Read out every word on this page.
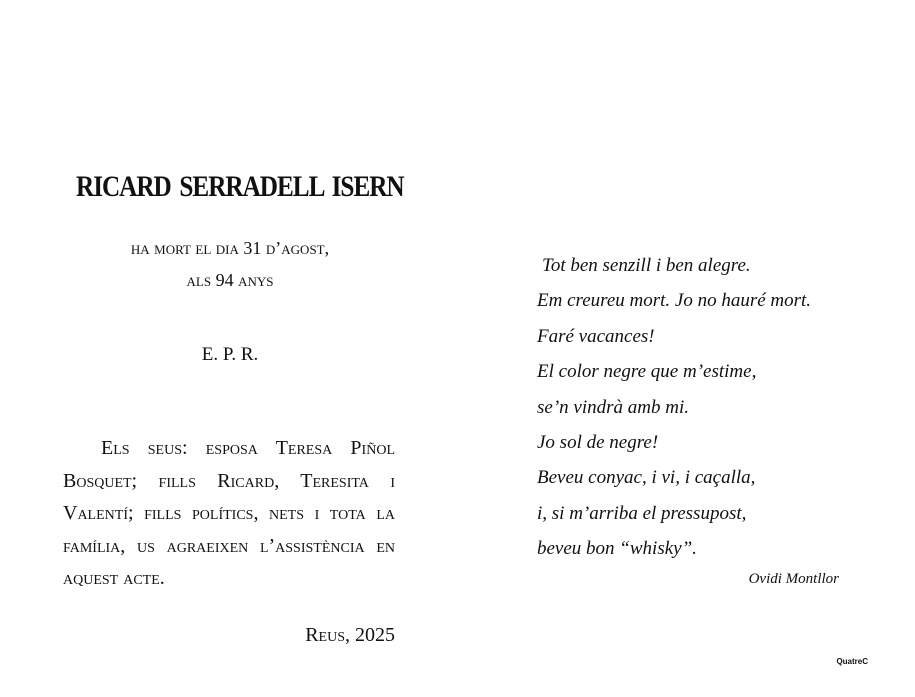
RICARD SERRADELL ISERN
ha mort el dia 31 d’agost,
als 94 anys
E. P. R.
Els seus: esposa Teresa Piñol Bosquet; fills Ricard, Teresita i Valentí; fills polítics, nets i tota la família, us agraeixen l’assistència en aquest acte.
Reus, 2025
Tot ben senzill i ben alegre.
Em creureu mort. Jo no hauré mort.
Faré vacances!
El color negre que m’estime,
se’n vindrà amb mi.
Jo sol de negre!
Beveu conyac, i vi, i caçalla,
i, si m’arriba el pressupost,
beveu bon “whisky”.
Ovidi Montllor
QuatreC
